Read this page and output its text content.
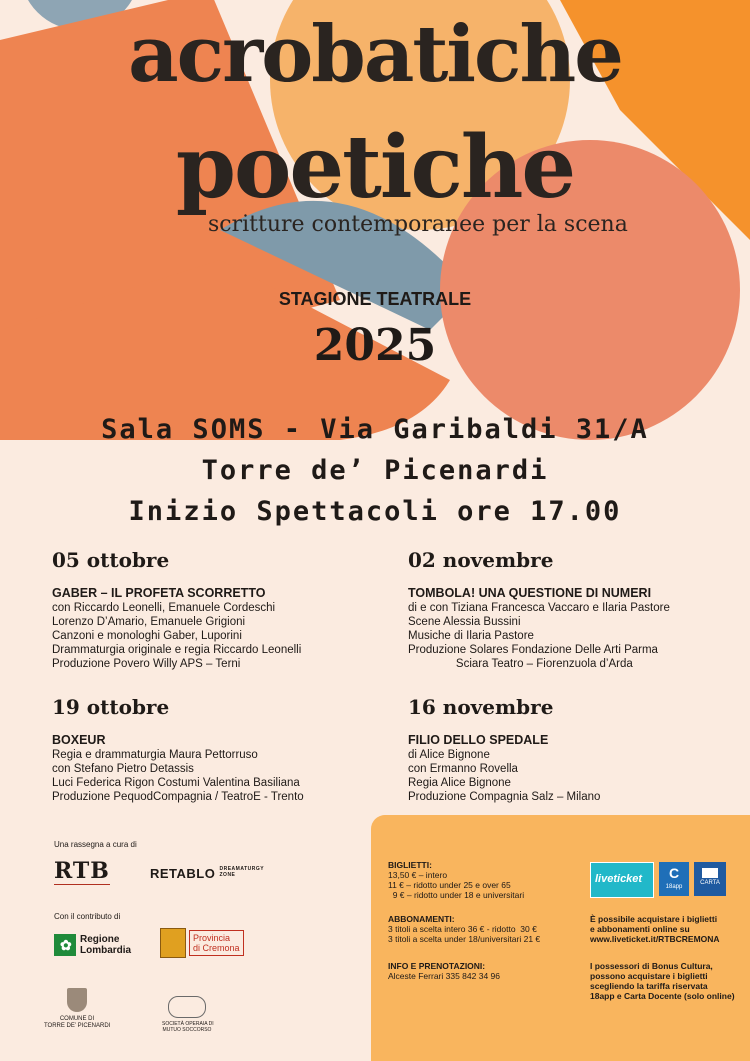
acrobatiche
poetiche
scritture contemporanee per la scena
STAGIONE TEATRALE
2025
Sala SOMS - Via Garibaldi 31/A
Torre de’ Picenardi
Inizio Spettacoli ore 17.00
05 ottobre
GABER – IL PROFETA SCORRETTO
con Riccardo Leonelli, Emanuele Cordeschi
Lorenzo D’Amario, Emanuele Grigioni
Canzoni e monologhi Gaber, Luporini
Drammaturgia originale e regia Riccardo Leonelli
Produzione Povero Willy APS – Terni
02 novembre
TOMBOLA! UNA QUESTIONE DI NUMERI
di e con Tiziana Francesca Vaccaro e Ilaria Pastore
Scene Alessia Bussini
Musiche di Ilaria Pastore
Produzione Solares Fondazione Delle Arti Parma
Sciara Teatro – Fiorenzuola d’Arda
19 ottobre
BOXEUR
Regia e drammaturgia Maura Pettorruso
con Stefano Pietro Detassis
Luci Federica Rigon Costumi Valentina Basiliana
Produzione PequodCompagnia / TeatroE - Trento
16 novembre
FILIO DELLO SPEDALE
di Alice Bignone
con Ermanno Rovella
Regia Alice Bignone
Produzione Compagnia Salz – Milano
Una rassegna a cura di
RTB	RETABLO DREAMATURGY ZONE
Con il contributo di
✿ Regione
Lombardia
Provincia
di Cremona
COMUNE DI
TORRE DE’ PICENARDI	SOCIETÀ OPERAIA DI
MUTUO SOCCORSO
BIGLIETTI:
13,50 € – intero
11 € – ridotto under 25 e over 65
9 € – ridotto under 18 e universitari
ABBONAMENTI:
3 titoli a scelta intero 36 € - ridotto  30 €
3 titoli a scelta under 18/universitari 21 €
INFO E PRENOTAZIONI:
Alceste Ferrari 335 842 34 96
liveticket	C
18app
CARTA
È possibile acquistare i biglietti
e abbonamenti online su
www.liveticket.it/RTBCREMONA
I possessori di Bonus Cultura,
possono acquistare i biglietti
scegliendo la tariffa riservata
18app e Carta Docente (solo online)
